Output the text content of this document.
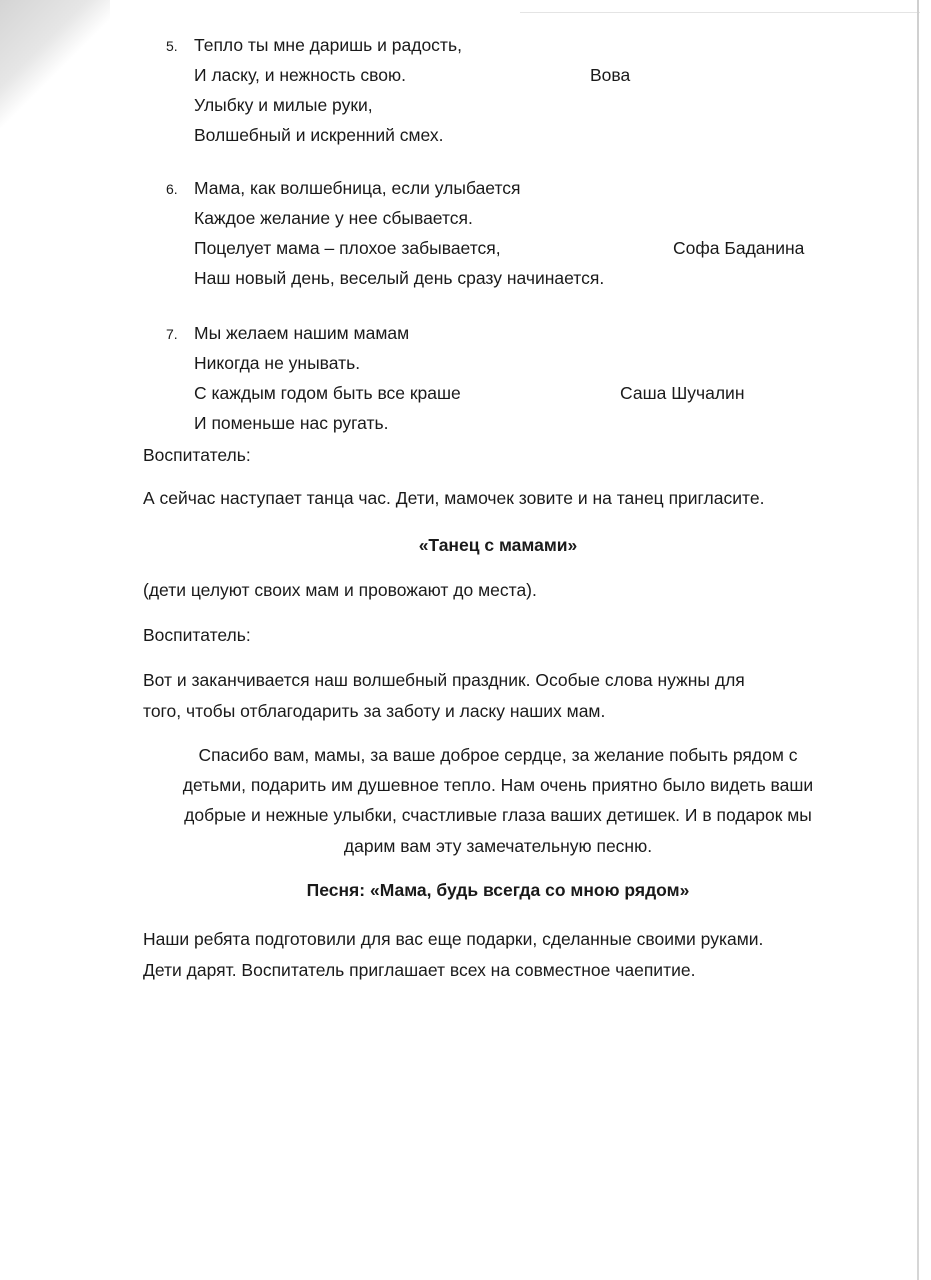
5. Тепло ты мне даришь и радость,
И ласку, и нежность свою.
Улыбку и милые руки,
Волшебный и искренний смех.
Вова
6. Мама, как волшебница, если улыбается
Каждое желание у нее сбывается.
Поцелует мама – плохое забывается,
Наш новый день, веселый день сразу начинается.
Софа Баданина
7. Мы желаем нашим мамам
Никогда не унывать.
С каждым годом быть все краше
И поменьше нас ругать.
Саша Шучалин
Воспитатель:
А сейчас наступает танца час. Дети, мамочек зовите и на танец пригласите.
«Танец с мамами»
(дети целуют своих мам и провожают до места).
Воспитатель:
Вот и заканчивается наш волшебный праздник. Особые слова нужны для
того, чтобы отблагодарить за заботу и ласку наших мам.
Спасибо вам, мамы, за ваше доброе сердце, за желание побыть рядом с
детьми, подарить им душевное тепло. Нам очень приятно было видеть ваши
добрые и нежные улыбки, счастливые глаза ваших детишек. И в подарок мы
дарим вам эту замечательную песню.
Песня: «Мама, будь всегда со мною рядом»
Наши ребята подготовили для вас еще подарки, сделанные своими руками.
Дети дарят. Воспитатель приглашает всех на совместное чаепитие.
